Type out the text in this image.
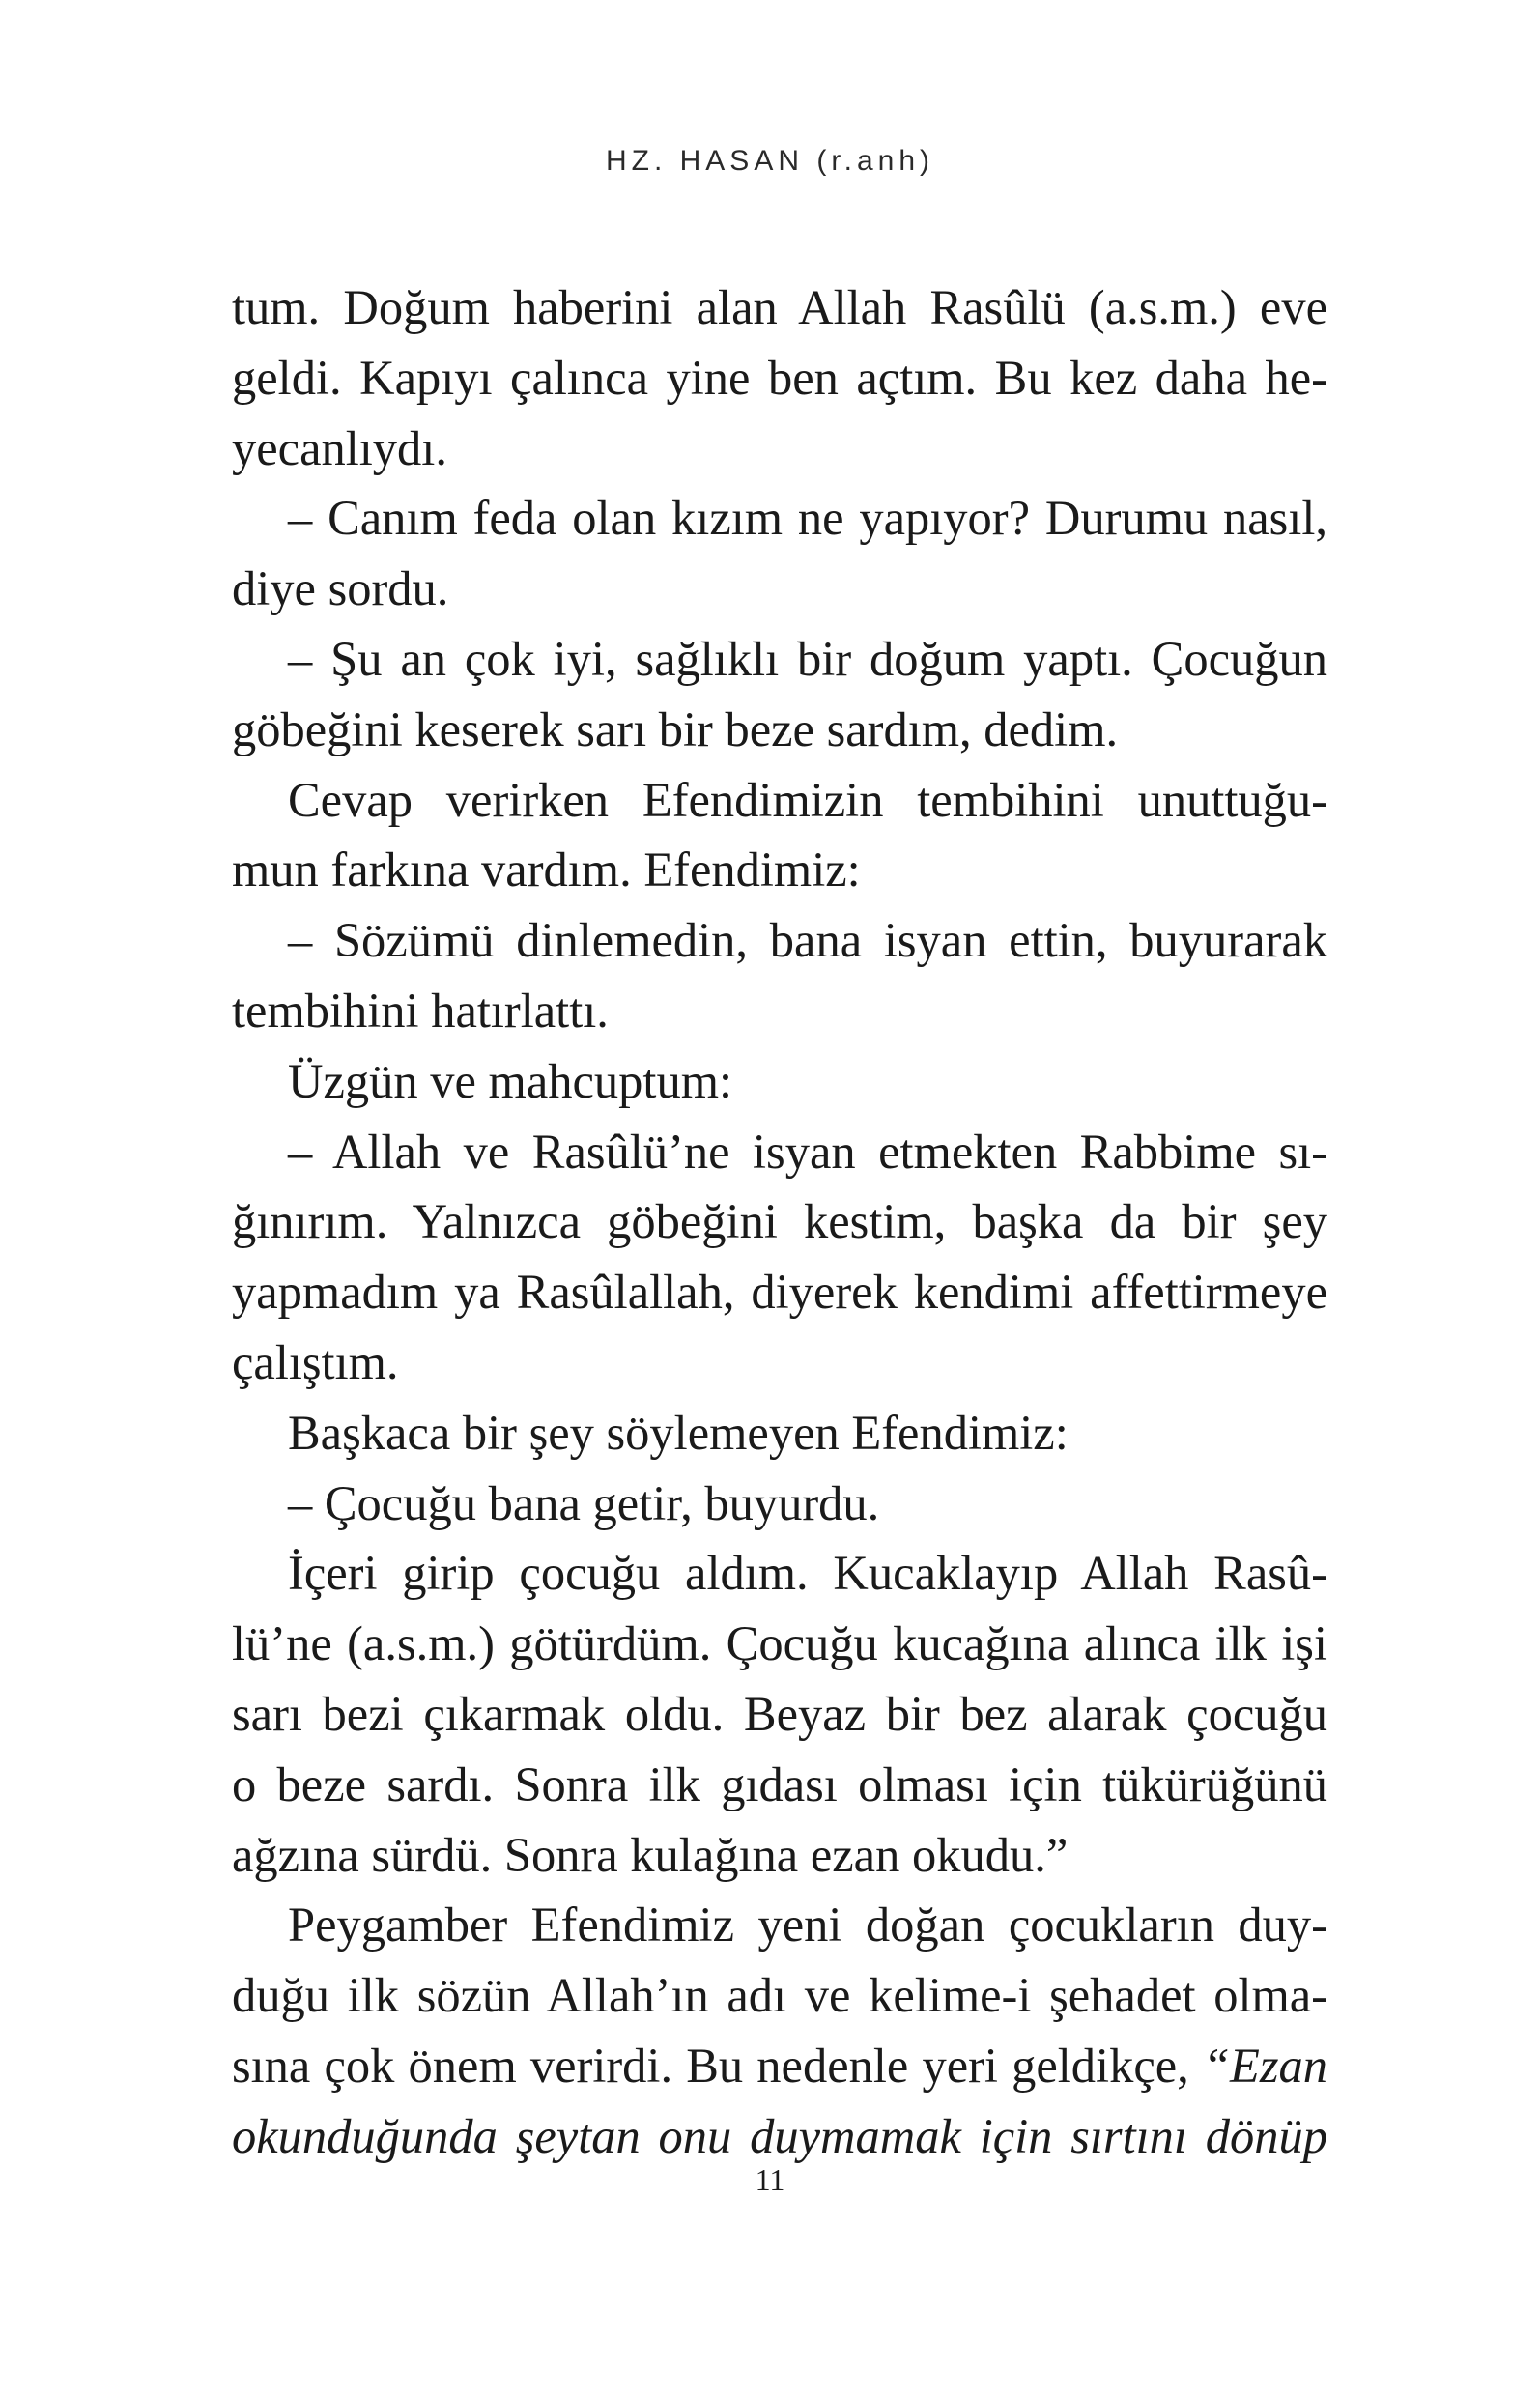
HZ. HASAN (r.anh)
tum. Doğum haberini alan Allah Rasûlü (a.s.m.) eve
geldi. Kapıyı çalınca yine ben açtım. Bu kez daha he-
yecanlıydı.
– Canım feda olan kızım ne yapıyor? Durumu nasıl,
diye sordu.
– Şu an çok iyi, sağlıklı bir doğum yaptı. Çocuğun
göbeğini keserek sarı bir beze sardım, dedim.
Cevap verirken Efendimizin tembihini unuttuğu-
mun farkına vardım. Efendimiz:
– Sözümü dinlemedin, bana isyan ettin, buyurarak
tembihini hatırlattı.
Üzgün ve mahcuptum:
– Allah ve Rasûlü’ne isyan etmekten Rabbime sı-
ğınırım. Yalnızca göbeğini kestim, başka da bir şey
yapmadım ya Rasûlallah, diyerek kendimi affettirmeye
çalıştım.
Başkaca bir şey söylemeyen Efendimiz:
– Çocuğu bana getir, buyurdu.
İçeri girip çocuğu aldım. Kucaklayıp Allah Rasû-
lü’ne (a.s.m.) götürdüm. Çocuğu kucağına alınca ilk işi
sarı bezi çıkarmak oldu. Beyaz bir bez alarak çocuğu
o beze sardı. Sonra ilk gıdası olması için tükürüğünü
ağzına sürdü. Sonra kulağına ezan okudu.”
Peygamber Efendimiz yeni doğan çocukların duy-
duğu ilk sözün Allah’ın adı ve kelime-i şehadet olma-
sına çok önem verirdi. Bu nedenle yeri geldikçe, “Ezan
okunduğunda şeytan onu duymamak için sırtını dönüp
11
